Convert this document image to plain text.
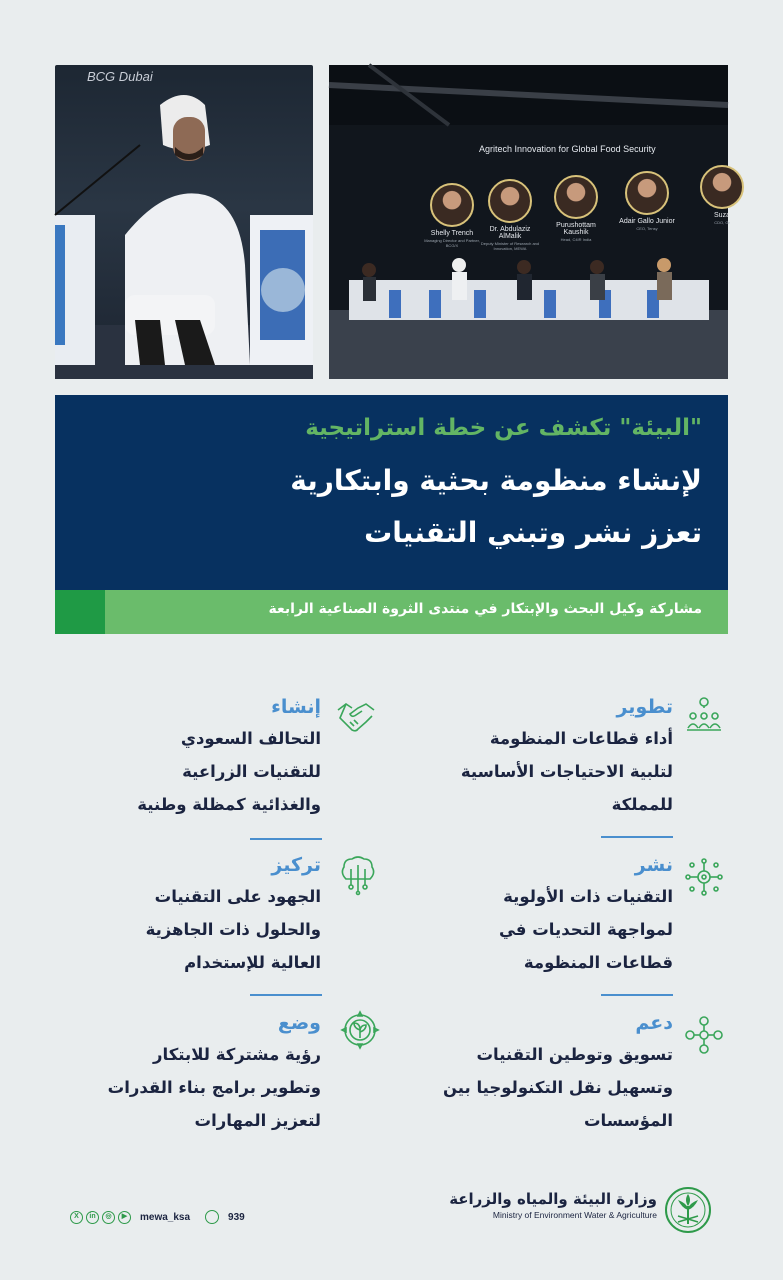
BCG Dubai
Agritech Innovation for Global Food Security
Shelly Trench
Managing Director and Partner, BCG/X
Dr. Abdulaziz AlMalik
Deputy Minister of Research and Innovation, MEWA
Purushottam Kaushik
Head, C4IR India
Adair Gallo Junior
CEO, Tensy
Suza
CDO, Gr
"البيئة" تكشف عن خطة استراتيجية
لإنشاء منظومة بحثية وابتكارية
تعزز نشر وتبني التقنيات
مشاركة وكيل البحث والإبتكار في منتدى الثروة الصناعية الرابعة
تطوير
أداء قطاعات المنظومة
لتلبية الاحتياجات الأساسية
للمملكة
نشر
التقنيات ذات الأولوية
لمواجهة التحديات في
قطاعات المنظومة
دعم
تسويق وتوطين التقنيات
وتسهيل نقل التكنولوجيا بين
المؤسسات
إنشاء
التحالف السعودي
للتقنيات الزراعية
والغذائية كمظلة وطنية
تركيز
الجهود على التقنيات
والحلول ذات الجاهزية
العالية للإستخدام
وضع
رؤية مشتركة للابتكار
وتطوير برامج بناء القدرات
لتعزيز المهارات
وزارة البيئة والمياه والزراعة
Ministry of Environment Water & Agriculture
X	in	◎	▶	mewa_ksa	939
